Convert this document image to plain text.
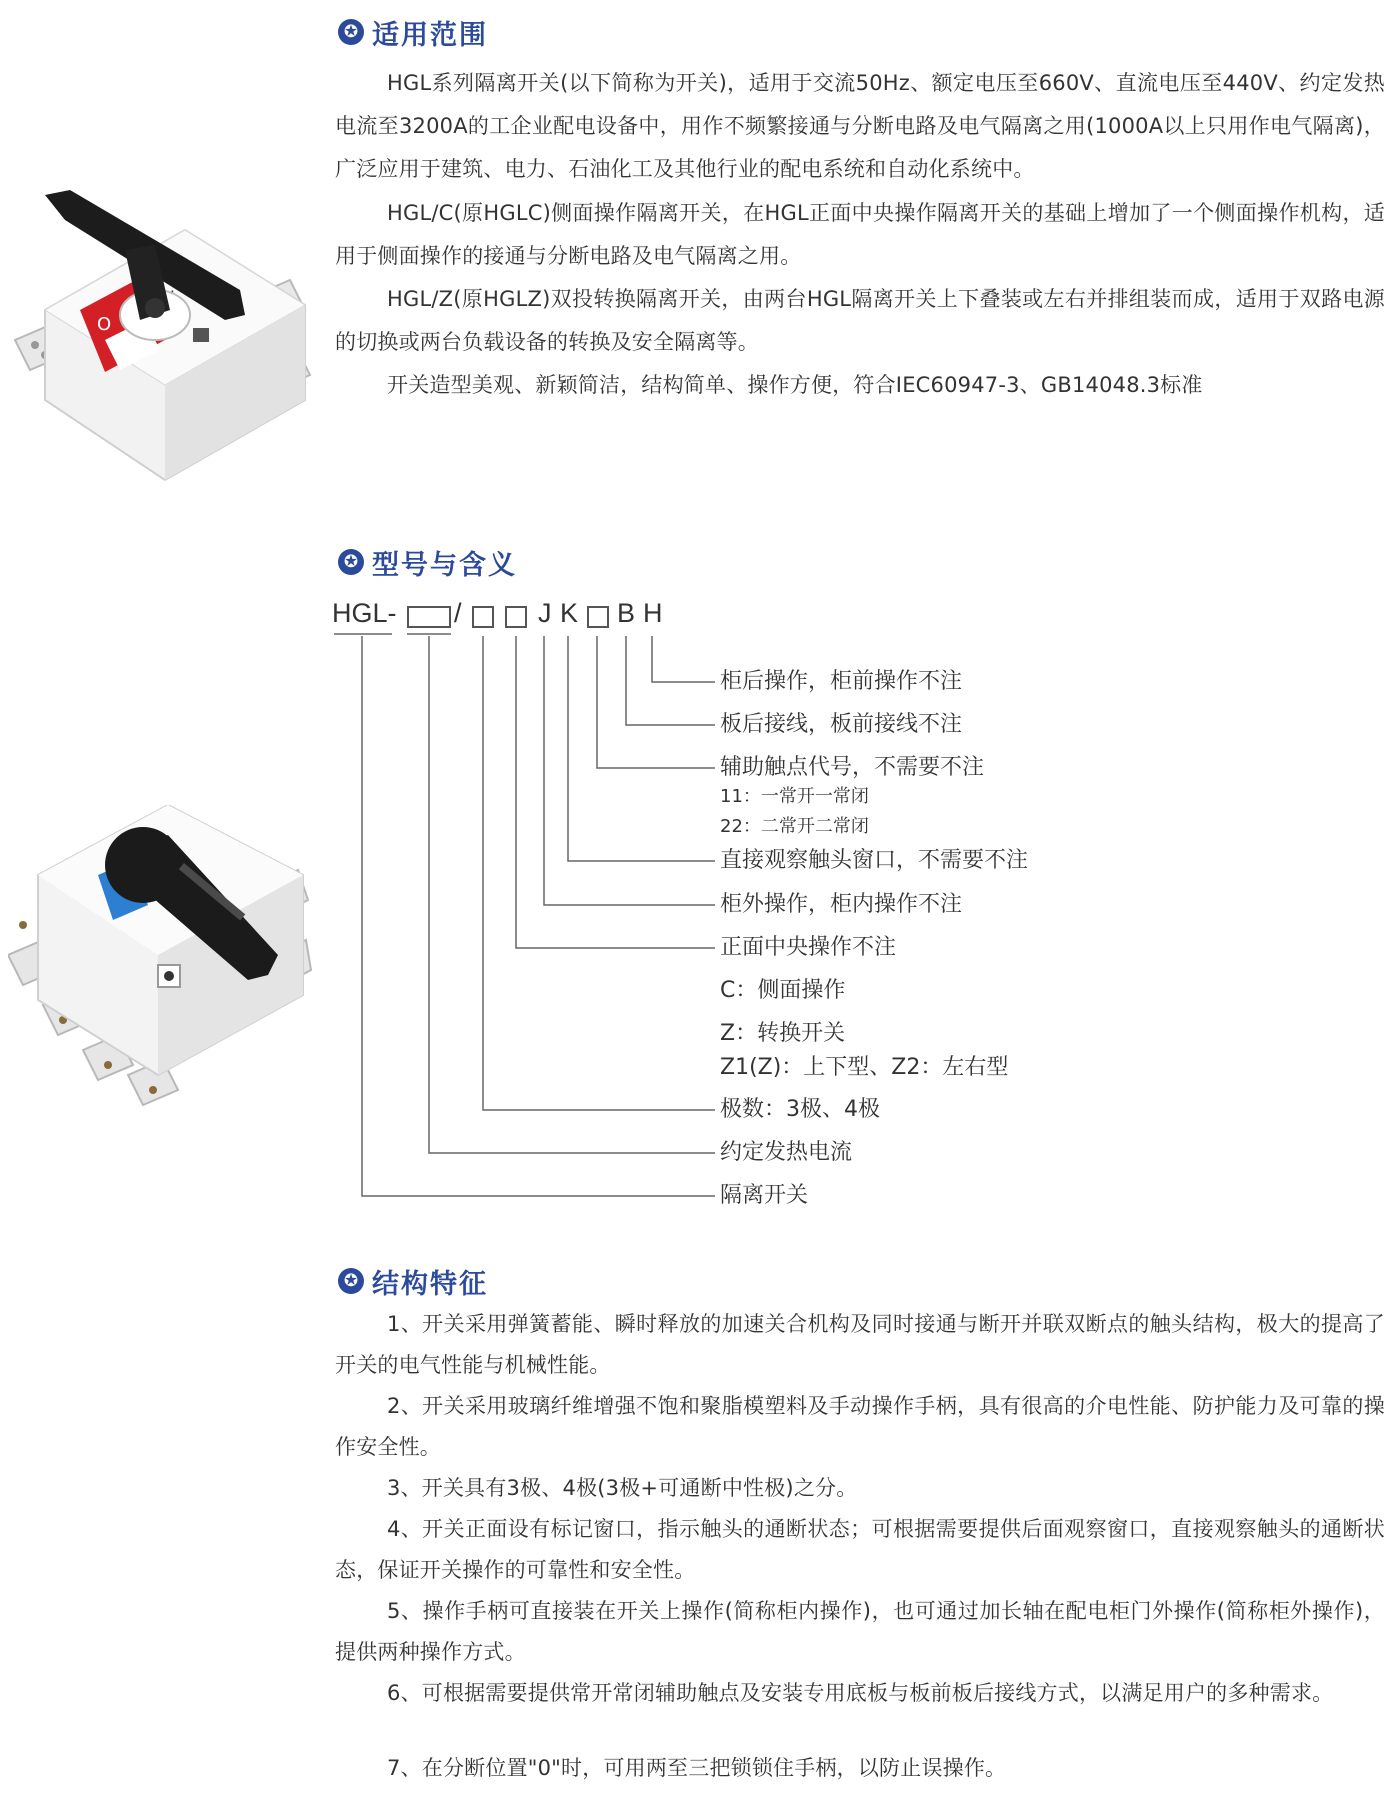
✪ 适用范围

HGL系列隔离开关(以下简称为开关)，适用于交流50Hz、额定电压至660V、直流电压至440V、约定发热电流至3200A的工企业配电设备中，用作不频繁接通与分断电路及电气隔离之用(1000A以上只用作电气隔离)，广泛应用于建筑、电力、石油化工及其他行业的配电系统和自动化系统中。

HGL/C(原HGLC)侧面操作隔离开关，在HGL正面中央操作隔离开关的基础上增加了一个侧面操作机构，适用于侧面操作的接通与分断电路及电气隔离之用。

HGL/Z(原HGLZ)双投转换隔离开关，由两台HGL隔离开关上下叠装或左右并排组装而成，适用于双路电源的切换或两台负载设备的转换及安全隔离等。

开关造型美观、新颖简洁，结构简单、操作方便，符合IEC60947-3、GB14048.3标准

O
✪ 型号与含义
HGL- /	J K B H
柜后操作，柜前操作不注
板后接线，板前接线不注
辅助触点代号，不需要不注
11：一常开一常闭
22：二常开二常闭
直接观察触头窗口，不需要不注
柜外操作，柜内操作不注
正面中央操作不注
C：侧面操作
Z：转换开关
Z1(Z)：上下型、Z2：左右型
极数：3极、4极
约定发热电流
隔离开关
✪ 结构特征

1、开关采用弹簧蓄能、瞬时释放的加速关合机构及同时接通与断开并联双断点的触头结构，极大的提高了开关的电气性能与机械性能。

2、开关采用玻璃纤维增强不饱和聚脂模塑料及手动操作手柄，具有很高的介电性能、防护能力及可靠的操作安全性。

3、开关具有3极、4极(3极+可通断中性极)之分。

4、开关正面设有标记窗口，指示触头的通断状态；可根据需要提供后面观察窗口，直接观察触头的通断状态，保证开关操作的可靠性和安全性。

5、操作手柄可直接装在开关上操作(简称柜内操作)，也可通过加长轴在配电柜门外操作(简称柜外操作)，提供两种操作方式。

6、可根据需要提供常开常闭辅助触点及安装专用底板与板前板后接线方式，以满足用户的多种需求。

7、在分断位置"0"时，可用两至三把锁锁住手柄，以防止误操作。
